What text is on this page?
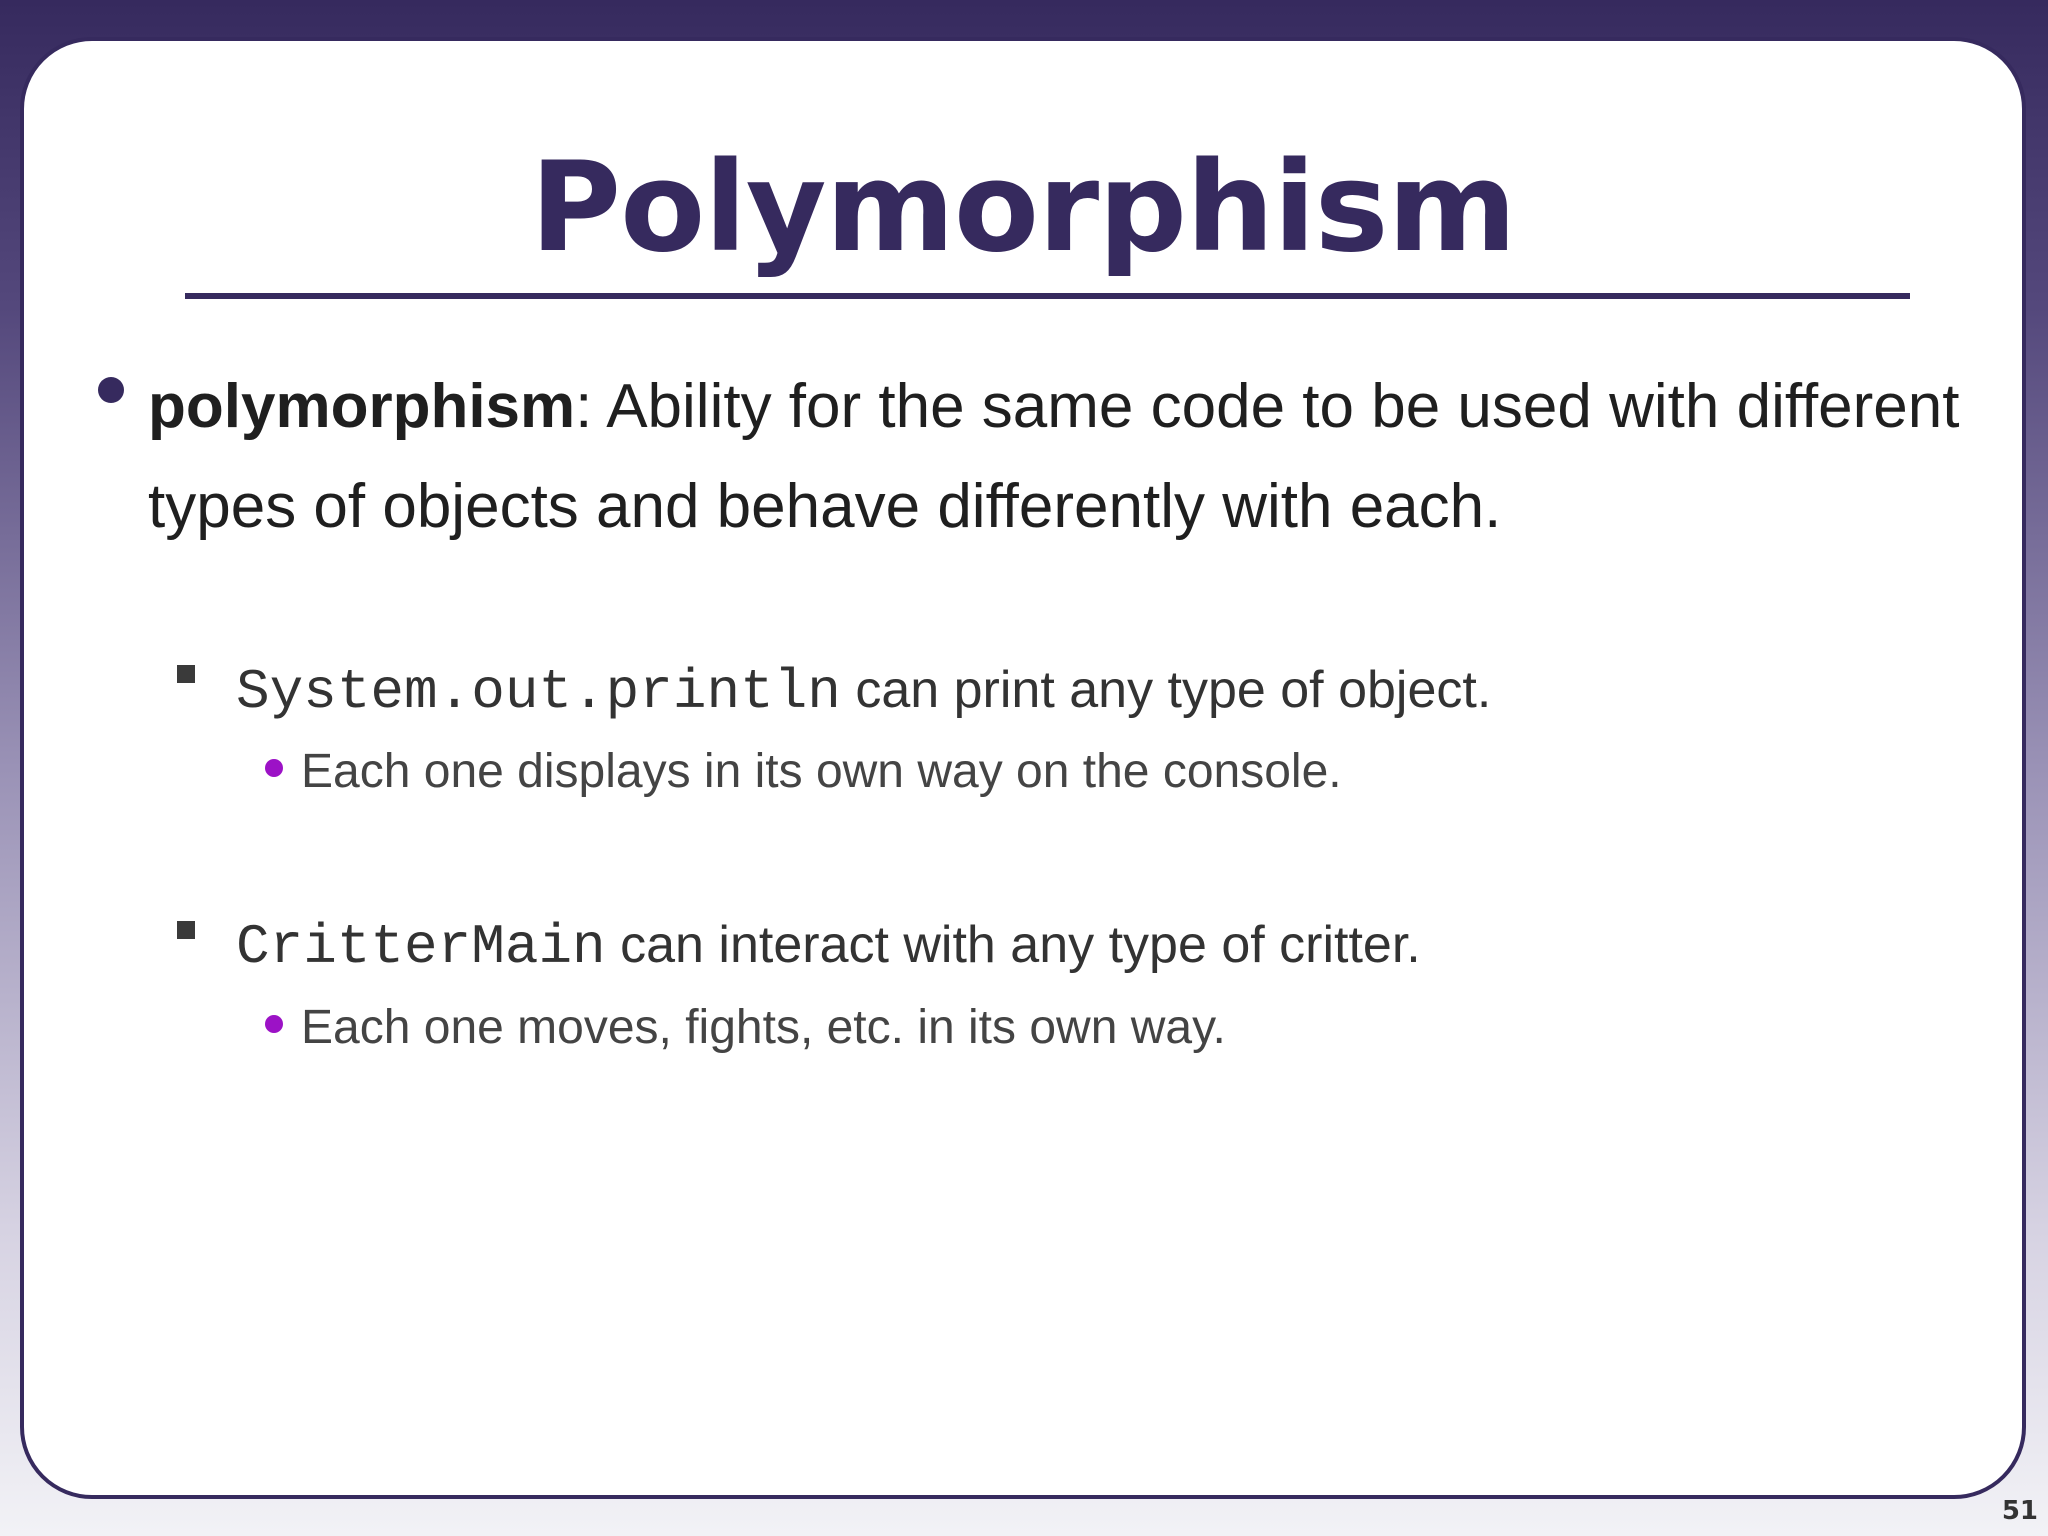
Polymorphism
polymorphism: Ability for the same code to be used with different types of objects and behave differently with each.
System.out.println can print any type of object.
Each one displays in its own way on the console.
CritterMain can interact with any type of critter.
Each one moves, fights, etc. in its own way.
51
